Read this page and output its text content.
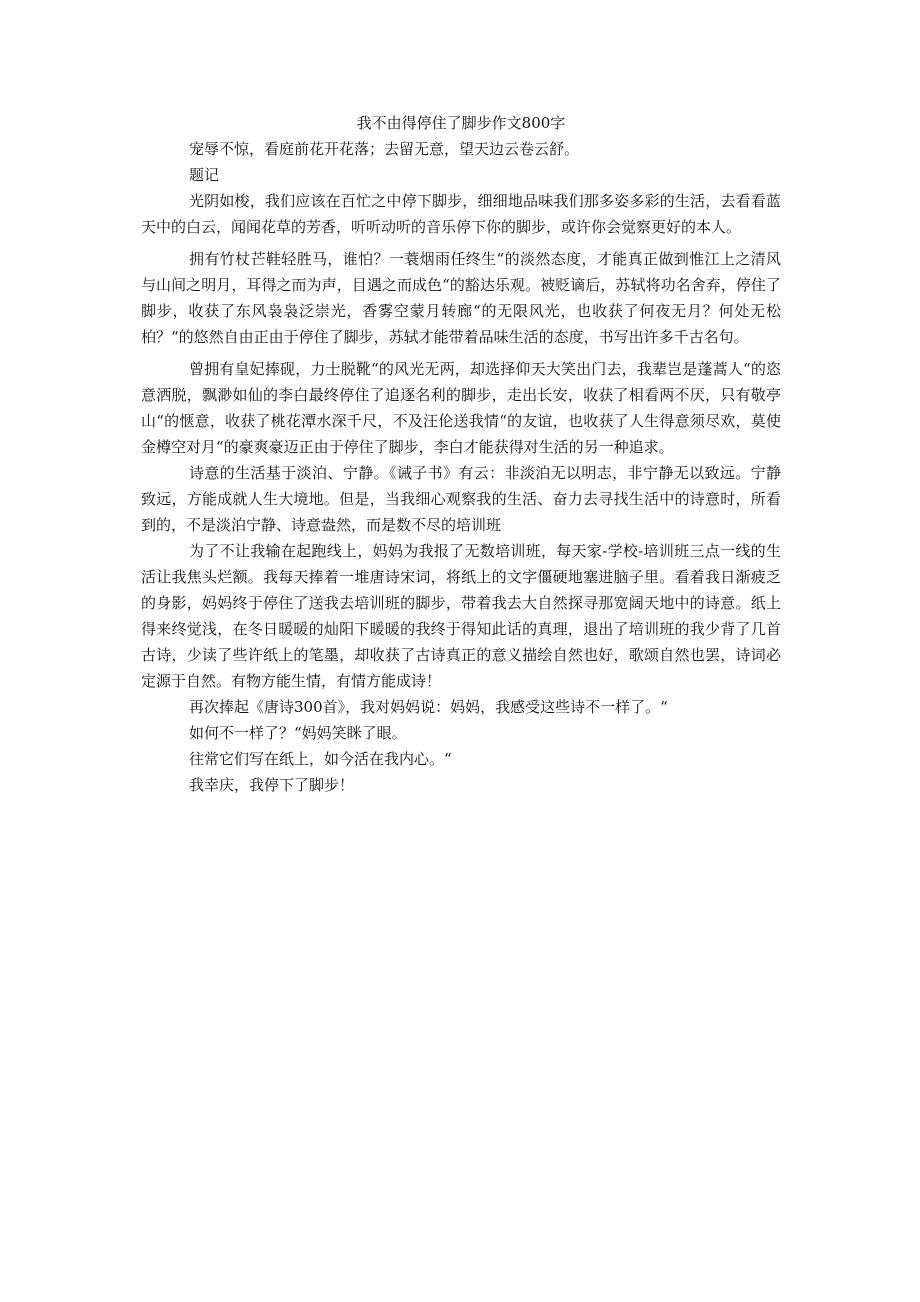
我不由得停住了脚步作文800字

宠辱不惊，看庭前花开花落；去留无意，望天边云卷云舒。

题记

光阴如梭，我们应该在百忙之中停下脚步，细细地品味我们那多姿多彩的生活，去看看蓝天中的白云，闻闻花草的芳香，听听动听的音乐停下你的脚步，或许你会觉察更好的本人。

拥有竹杖芒鞋轻胜马，谁怕？一蓑烟雨任终生“的淡然态度，才能真正做到惟江上之清风与山间之明月，耳得之而为声，目遇之而成色“的豁达乐观。被贬谪后，苏轼将功名舍弃，停住了脚步，收获了东风袅袅泛崇光，香雾空蒙月转廊“的无限风光，也收获了何夜无月？何处无松柏？“的悠然自由正由于停住了脚步，苏轼才能带着品味生活的态度，书写出许多千古名句。

曾拥有皇妃捧砚，力士脱靴“的风光无两，却选择仰天大笑出门去，我辈岂是蓬蒿人“的恣意洒脱，飘渺如仙的李白最终停住了追逐名利的脚步，走出长安，收获了相看两不厌，只有敬亭山“的惬意，收获了桃花潭水深千尺，不及汪伦送我情“的友谊，也收获了人生得意须尽欢，莫使金樽空对月“的豪爽豪迈正由于停住了脚步，李白才能获得对生活的另一种追求。

诗意的生活基于淡泊、宁静。《诫子书》有云：非淡泊无以明志，非宁静无以致远。宁静致远，方能成就人生大境地。但是，当我细心观察我的生活、奋力去寻找生活中的诗意时，所看到的，不是淡泊宁静、诗意盎然，而是数不尽的培训班

为了不让我输在起跑线上，妈妈为我报了无数培训班，每天家-学校-培训班三点一线的生活让我焦头烂额。我每天捧着一堆唐诗宋词，将纸上的文字僵硬地塞进脑子里。看着我日渐疲乏的身影，妈妈终于停住了送我去培训班的脚步，带着我去大自然探寻那宽阔天地中的诗意。纸上得来终觉浅，在冬日暖暖的灿阳下暖暖的我终于得知此话的真理，退出了培训班的我少背了几首古诗，少读了些许纸上的笔墨，却收获了古诗真正的意义描绘自然也好，歌颂自然也罢，诗词必定源于自然。有物方能生情，有情方能成诗！

再次捧起《唐诗300首》，我对妈妈说：妈妈，我感受这些诗不一样了。“

如何不一样了？“妈妈笑眯了眼。

往常它们写在纸上，如今活在我内心。“

我幸庆，我停下了脚步！
